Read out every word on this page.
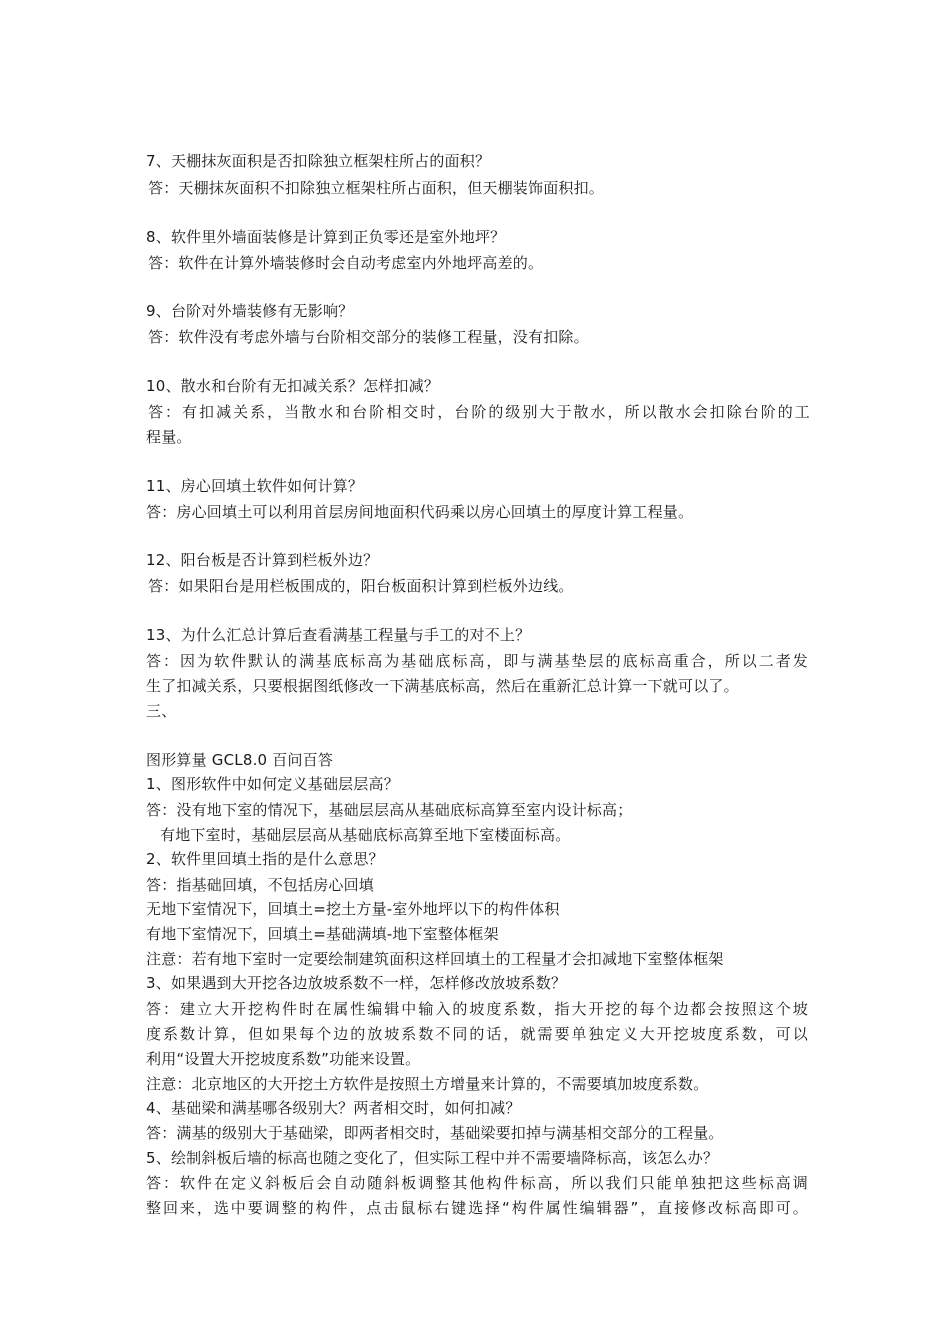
7、天棚抹灰面积是否扣除独立框架柱所占的面积？
答：天棚抹灰面积不扣除独立框架柱所占面积，但天棚装饰面积扣。
8、软件里外墙面装修是计算到正负零还是室外地坪？
答：软件在计算外墙装修时会自动考虑室内外地坪高差的。
9、台阶对外墙装修有无影响？
答：软件没有考虑外墙与台阶相交部分的装修工程量，没有扣除。
10、散水和台阶有无扣减关系？怎样扣减？
答：有扣减关系，当散水和台阶相交时，台阶的级别大于散水，所以散水会扣除台阶的工
程量。
11、房心回填土软件如何计算？
答：房心回填土可以利用首层房间地面积代码乘以房心回填土的厚度计算工程量。
12、阳台板是否计算到栏板外边？
答：如果阳台是用栏板围成的，阳台板面积计算到栏板外边线。
13、为什么汇总计算后查看满基工程量与手工的对不上？
答：因为软件默认的满基底标高为基础底标高，即与满基垫层的底标高重合，所以二者发
生了扣减关系，只要根据图纸修改一下满基底标高，然后在重新汇总计算一下就可以了。
三、
图形算量 GCL8.0 百问百答
1、图形软件中如何定义基础层层高？
答：没有地下室的情况下，基础层层高从基础底标高算至室内设计标高；
有地下室时，基础层层高从基础底标高算至地下室楼面标高。
2、软件里回填土指的是什么意思？
答：指基础回填，不包括房心回填
无地下室情况下，回填土=挖土方量-室外地坪以下的构件体积
有地下室情况下，回填土=基础满填-地下室整体框架
注意：若有地下室时一定要绘制建筑面积这样回填土的工程量才会扣减地下室整体框架
3、如果遇到大开挖各边放坡系数不一样，怎样修改放坡系数？
答：建立大开挖构件时在属性编辑中输入的坡度系数，指大开挖的每个边都会按照这个坡
度系数计算，但如果每个边的放坡系数不同的话，就需要单独定义大开挖坡度系数，可以
利用“设置大开挖坡度系数”功能来设置。
注意：北京地区的大开挖土方软件是按照土方增量来计算的，不需要填加坡度系数。
4、基础梁和满基哪各级别大？两者相交时，如何扣减？
答：满基的级别大于基础梁，即两者相交时，基础梁要扣掉与满基相交部分的工程量。
5、绘制斜板后墙的标高也随之变化了，但实际工程中并不需要墙降标高，该怎么办？
答：软件在定义斜板后会自动随斜板调整其他构件标高，所以我们只能单独把这些标高调
整回来，选中要调整的构件，点击鼠标右键选择“构件属性编辑器”，直接修改标高即可。
